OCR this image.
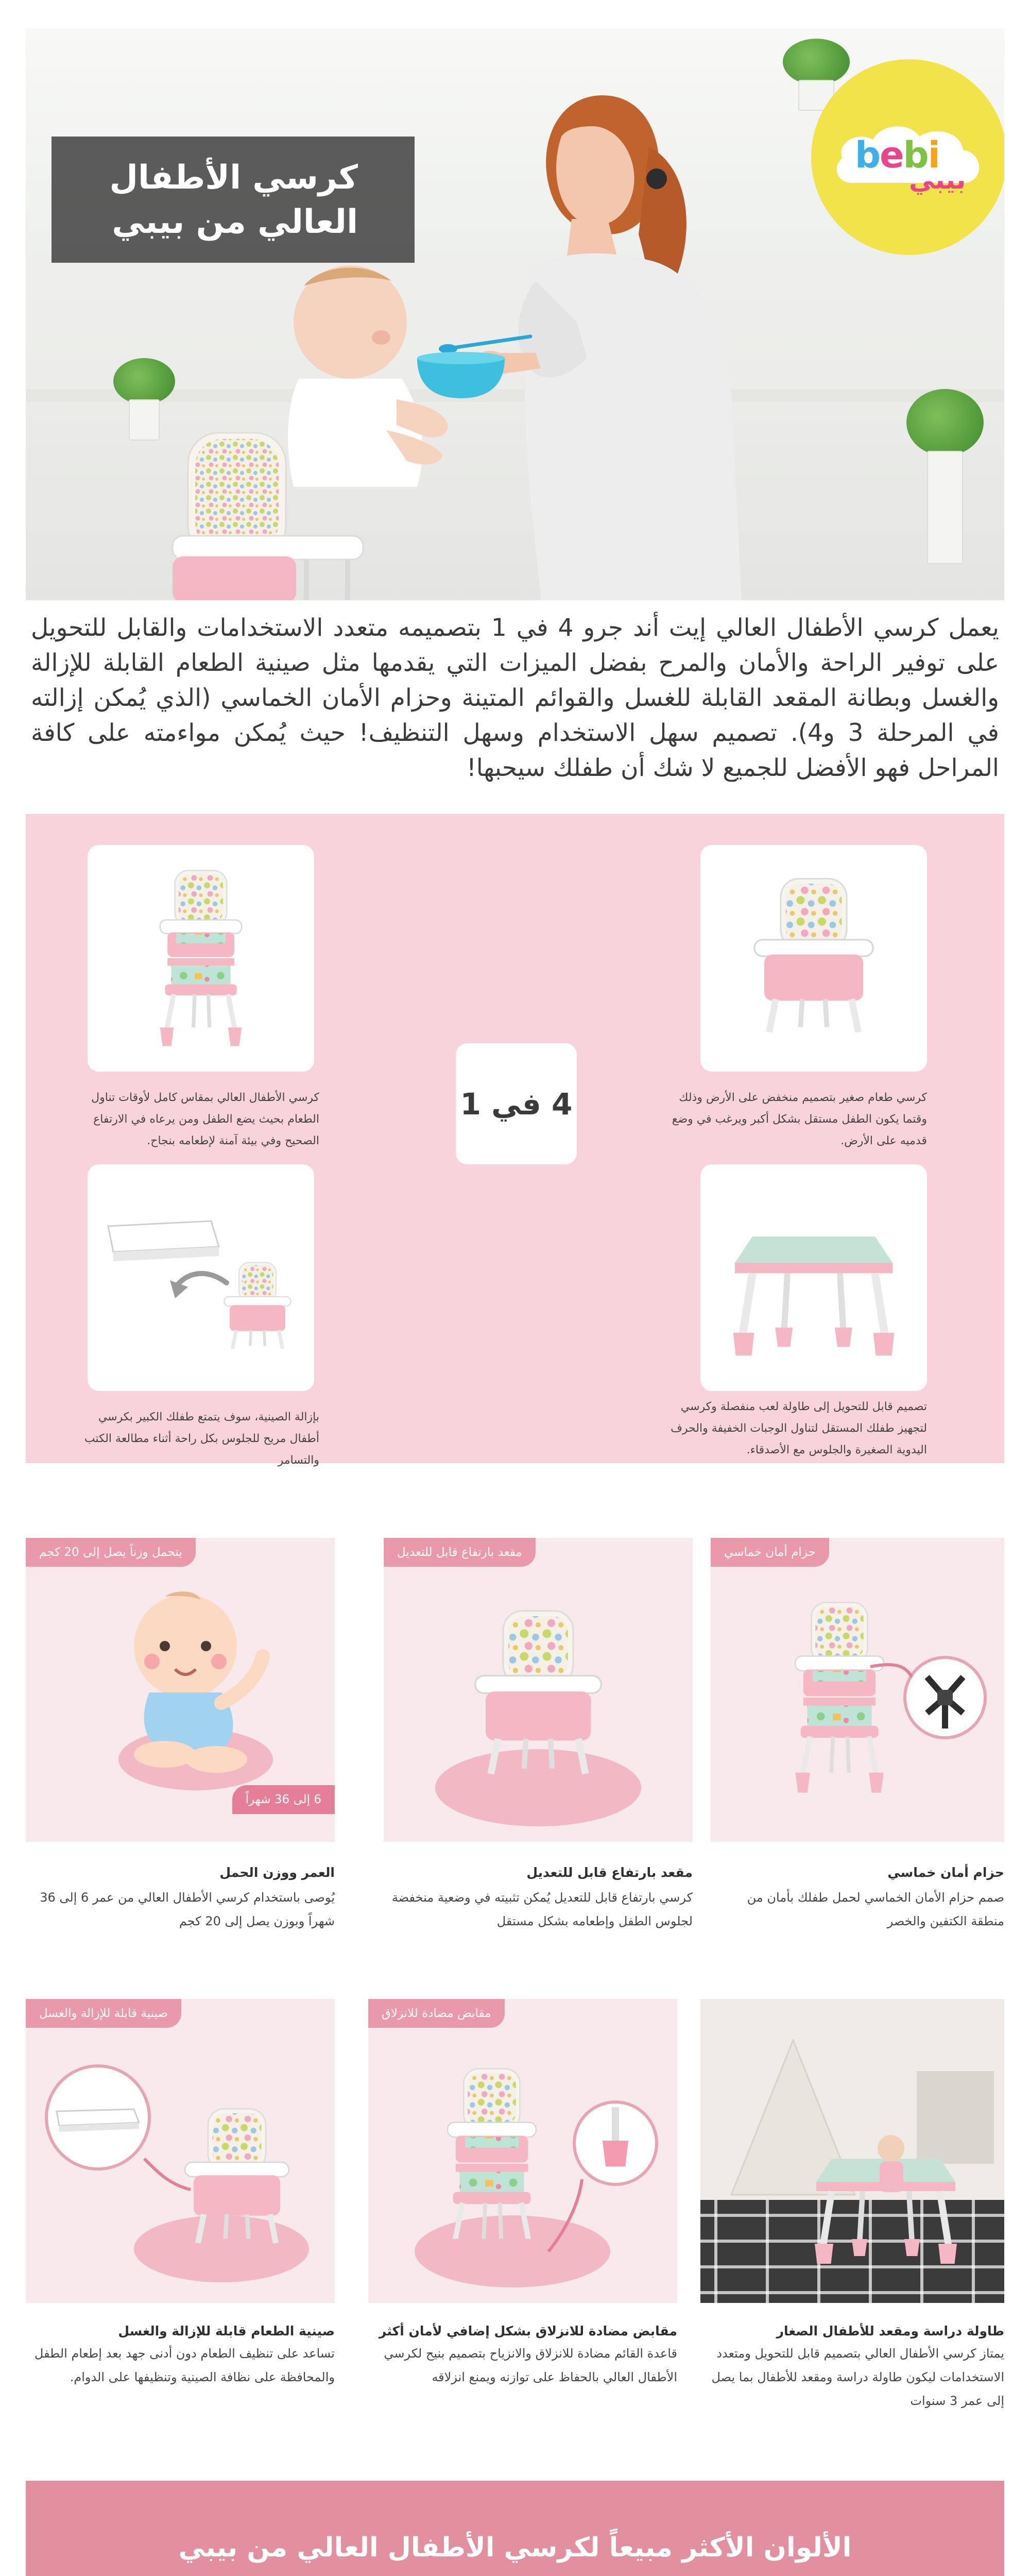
bebi
بيبي
كرسي الأطفال
العالي من بيبي

يعمل كرسي الأطفال العالي إيت أند جرو 4 في 1 بتصميمه متعدد الاستخدامات والقابل للتحويل على توفير الراحة والأمان والمرح بفضل الميزات التي يقدمها مثل صينية الطعام القابلة للإزالة والغسل وبطانة المقعد القابلة للغسل والقوائم المتينة وحزام الأمان الخماسي (الذي يُمكن إزالته في المرحلة 3 و4). تصميم سهل الاستخدام وسهل التنظيف! حيث يُمكن مواءمته على كافة المراحل فهو الأفضل للجميع لا شك أن طفلك سيحبها!

كرسي طعام صغير بتصميم منخفض على الأرض وذلك وقتما يكون الطفل مستقل بشكل أكبر ويرغب في وضع قدميه على الأرض.
كرسي الأطفال العالي بمقاس كامل لأوقات تناول الطعام بحيث يضع الطفل ومن يرعاه في الارتفاع الصحيح وفي بيئة آمنة لإطعامه بنجاح.
4 في 1
تصميم قابل للتحويل إلى طاولة لعب منفصلة وكرسي لتجهيز طفلك المستقل لتناول الوجبات الخفيفة والحرف اليدوية الصغيرة والجلوس مع الأصدقاء.
بإزالة الصينية، سوف يتمتع طفلك الكبير بكرسي أطفال مريح للجلوس بكل راحة أثناء مطالعة الكتب والتسامر
حزام أمان خماسي
حزام أمان خماسي
صمم حزام الأمان الخماسي لحمل طفلك بأمان من منطقة الكتفين والخصر
مقعد بارتفاع قابل للتعديل
مقعد بارتفاع قابل للتعديل
كرسي بارتفاع قابل للتعديل يُمكن تثبيته في وضعية منخفضة لجلوس الطفل وإطعامه بشكل مستقل
يتحمل وزناً يصل إلى 20 كجم
6 إلى 36 شهراً
العمر ووزن الحمل
يُوصى باستخدام كرسي الأطفال العالي من عمر 6 إلى 36 شهراً وبوزن يصل إلى 20 كجم
طاولة دراسة ومقعد للأطفال الصغار
يمتاز كرسي الأطفال العالي بتصميم قابل للتحويل ومتعدد الاستخدامات ليكون طاولة دراسة ومقعد للأطفال بما يصل إلى عمر 3 سنوات
مقابض مضادة للانزلاق
مقابض مضادة للانزلاق بشكل إضافي لأمان أكثر
قاعدة القائم مضادة للانزلاق والانزياح بتصميم بنيح لكرسي الأطفال العالي بالحفاظ على توازنه ويمنع انزلاقه
صينية قابلة للإزالة والغسل
صينية الطعام قابلة للإزالة والغسل
تساعد على تنظيف الطعام دون أدنى جهد بعد إطعام الطفل والمحافظة على نظافة الصينية وتنظيفها على الدوام.
الألوان الأكثر مبيعاً لكرسي الأطفال العالي من بيبي
